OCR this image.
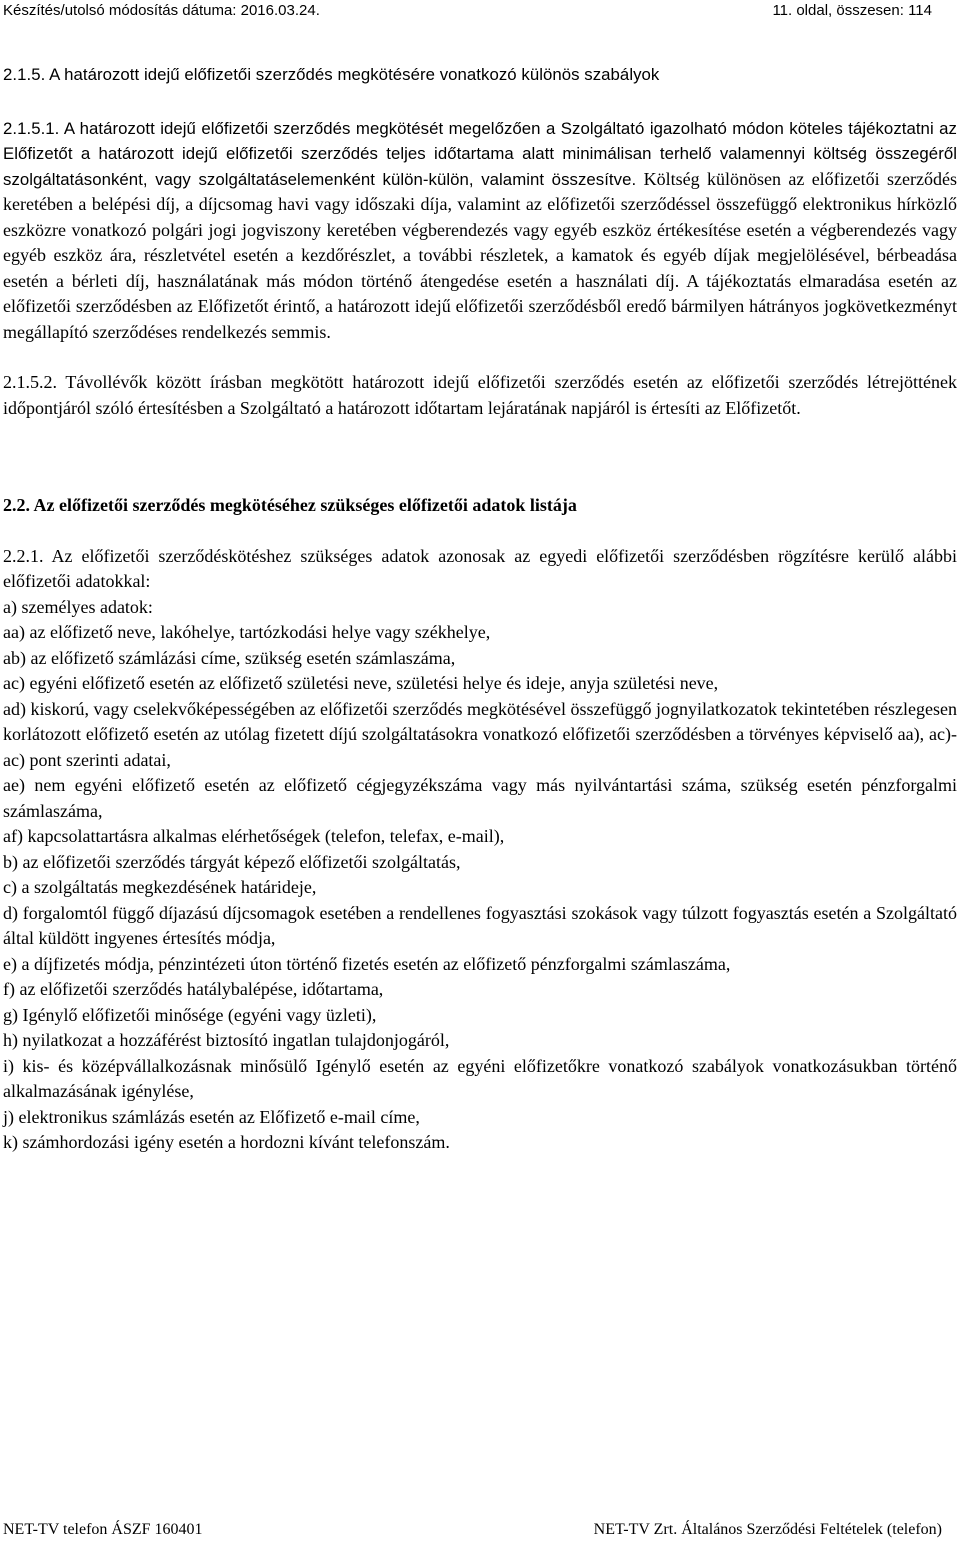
Készítés/utolsó módosítás dátuma: 2016.03.24.	11. oldal, összesen: 114

2.1.5. A határozott idejű előfizetői szerződés megkötésére vonatkozó különös szabályok

2.1.5.1. A határozott idejű előfizetői szerződés megkötését megelőzően a Szolgáltató igazolható módon köteles tájékoztatni az Előfizetőt a határozott idejű előfizetői szerződés teljes időtartama alatt minimálisan terhelő valamennyi költség összegéről szolgáltatásonként, vagy szolgáltatáselemenként külön-külön, valamint összesítve. Költség különösen az előfizetői szerződés keretében a belépési díj, a díjcsomag havi vagy időszaki díja, valamint az előfizetői szerződéssel összefüggő elektronikus hírközlő eszközre vonatkozó polgári jogi jogviszony keretében végberendezés vagy egyéb eszköz értékesítése esetén a végberendezés vagy egyéb eszköz ára, részletvétel esetén a kezdőrészlet, a további részletek, a kamatok és egyéb díjak megjelölésével, bérbeadása esetén a bérleti díj, használatának más módon történő átengedése esetén a használati díj. A tájékoztatás elmaradása esetén az előfizetői szerződésben az Előfizetőt érintő, a határozott idejű előfizetői szerződésből eredő bármilyen hátrányos jogkövetkezményt megállapító szerződéses rendelkezés semmis.

2.1.5.2. Távollévők között írásban megkötött határozott idejű előfizetői szerződés esetén az előfizetői szerződés létrejöttének időpontjáról szóló értesítésben a Szolgáltató a határozott időtartam lejáratának napjáról is értesíti az Előfizetőt.

2.2. Az előfizetői szerződés megkötéséhez szükséges előfizetői adatok listája

2.2.1. Az előfizetői szerződéskötéshez szükséges adatok azonosak az egyedi előfizetői szerződésben rögzítésre kerülő alábbi előfizetői adatokkal:

a) személyes adatok:
aa) az előfizető neve, lakóhelye, tartózkodási helye vagy székhelye,
ab) az előfizető számlázási címe, szükség esetén számlaszáma,
ac) egyéni előfizető esetén az előfizető születési neve, születési helye és ideje, anyja születési neve,
ad) kiskorú, vagy cselekvőképességében az előfizetői szerződés megkötésével összefüggő jognyilatkozatok tekintetében részlegesen korlátozott előfizető esetén az utólag fizetett díjú szolgáltatásokra vonatkozó előfizetői szerződésben a törvényes képviselő aa), ac)-ac) pont szerinti adatai,
ae) nem egyéni előfizető esetén az előfizető cégjegyzékszáma vagy más nyilvántartási száma, szükség esetén pénzforgalmi számlaszáma,
af) kapcsolattartásra alkalmas elérhetőségek (telefon, telefax, e-mail),
b) az előfizetői szerződés tárgyát képező előfizetői szolgáltatás,
c) a szolgáltatás megkezdésének határideje,
d) forgalomtól függő díjazású díjcsomagok esetében a rendellenes fogyasztási szokások vagy túlzott fogyasztás esetén a Szolgáltató által küldött ingyenes értesítés módja,
e) a díjfizetés módja, pénzintézeti úton történő fizetés esetén az előfizető pénzforgalmi számlaszáma,
f) az előfizetői szerződés hatálybalépése, időtartama,
g) Igénylő előfizetői minősége (egyéni vagy üzleti),
h) nyilatkozat a hozzáférést biztosító ingatlan tulajdonjogáról,
i) kis- és középvállalkozásnak minősülő Igénylő esetén az egyéni előfizetőkre vonatkozó szabályok vonatkozásukban történő alkalmazásának igénylése,
j) elektronikus számlázás esetén az Előfizető e-mail címe,
k) számhordozási igény esetén a hordozni kívánt telefonszám.
NET-TV telefon ÁSZF 160401	NET-TV Zrt. Általános Szerződési Feltételek (telefon)
